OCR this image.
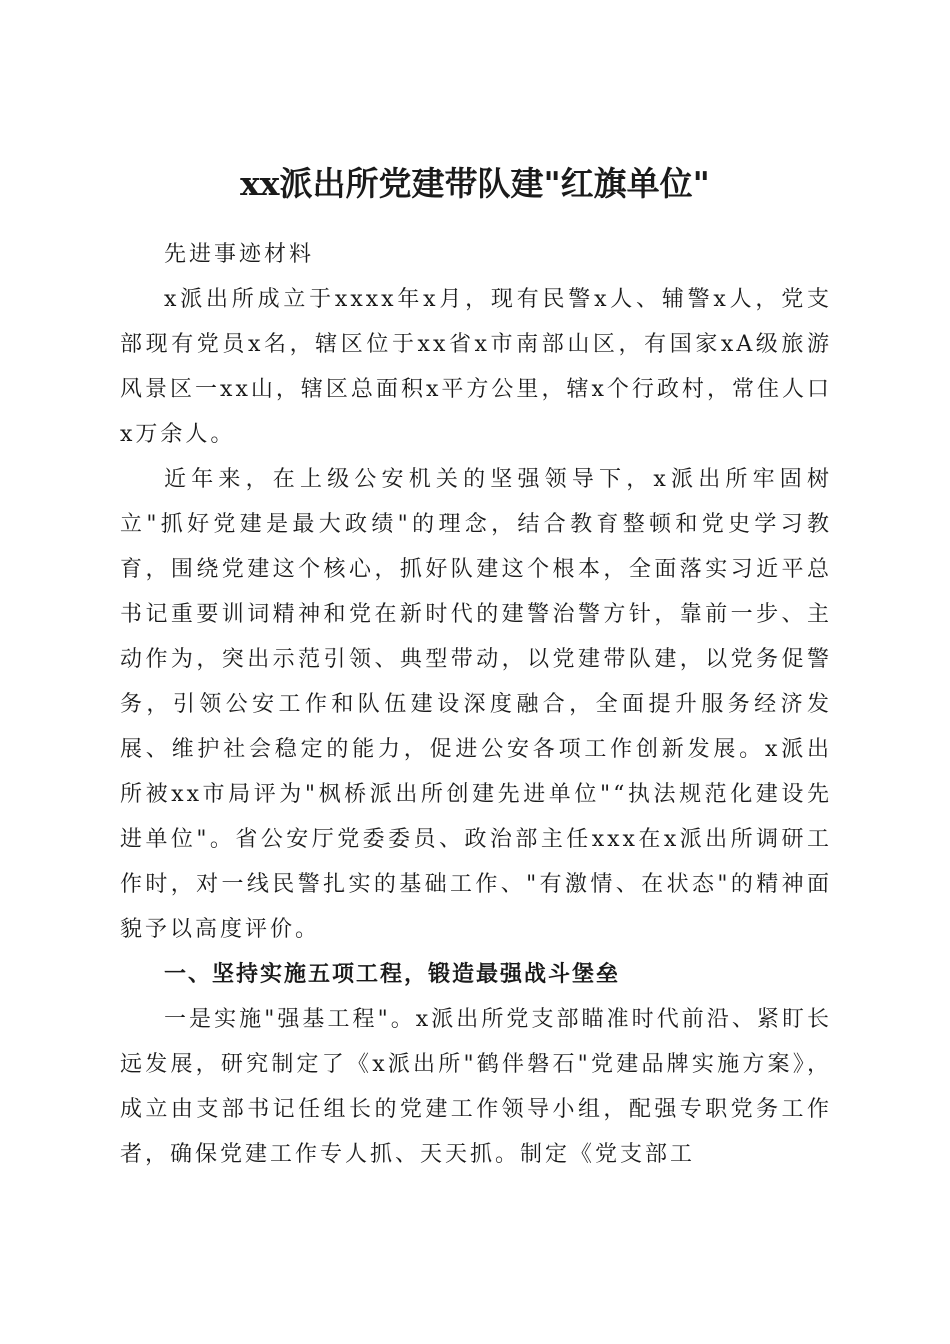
xx派出所党建带队建"红旗单位"

先进事迹材料

x派出所成立于xxxx年x月，现有民警x人、辅警x人，党支部现有党员x名，辖区位于xx省x市南部山区，有国家xA级旅游风景区一xx山，辖区总面积x平方公里，辖x个行政村，常住人口x万余人。

近年来，在上级公安机关的坚强领导下，x派出所牢固树立"抓好党建是最大政绩"的理念，结合教育整顿和党史学习教育，围绕党建这个核心，抓好队建这个根本，全面落实习近平总书记重要训词精神和党在新时代的建警治警方针，靠前一步、主动作为，突出示范引领、典型带动，以党建带队建，以党务促警务，引领公安工作和队伍建设深度融合，全面提升服务经济发展、维护社会稳定的能力，促进公安各项工作创新发展。x派出所被xx市局评为"枫桥派出所创建先进单位"“执法规范化建设先进单位"。省公安厅党委委员、政治部主任xxx在x派出所调研工作时，对一线民警扎实的基础工作、"有激情、在状态"的精神面貌予以高度评价。

一、坚持实施五项工程，锻造最强战斗堡垒

一是实施"强基工程"。x派出所党支部瞄准时代前沿、紧盯长远发展，研究制定了《x派出所"鹤伴磐石"党建品牌实施方案》，成立由支部书记任组长的党建工作领导小组，配强专职党务工作者，确保党建工作专人抓、天天抓。制定《党支部工
